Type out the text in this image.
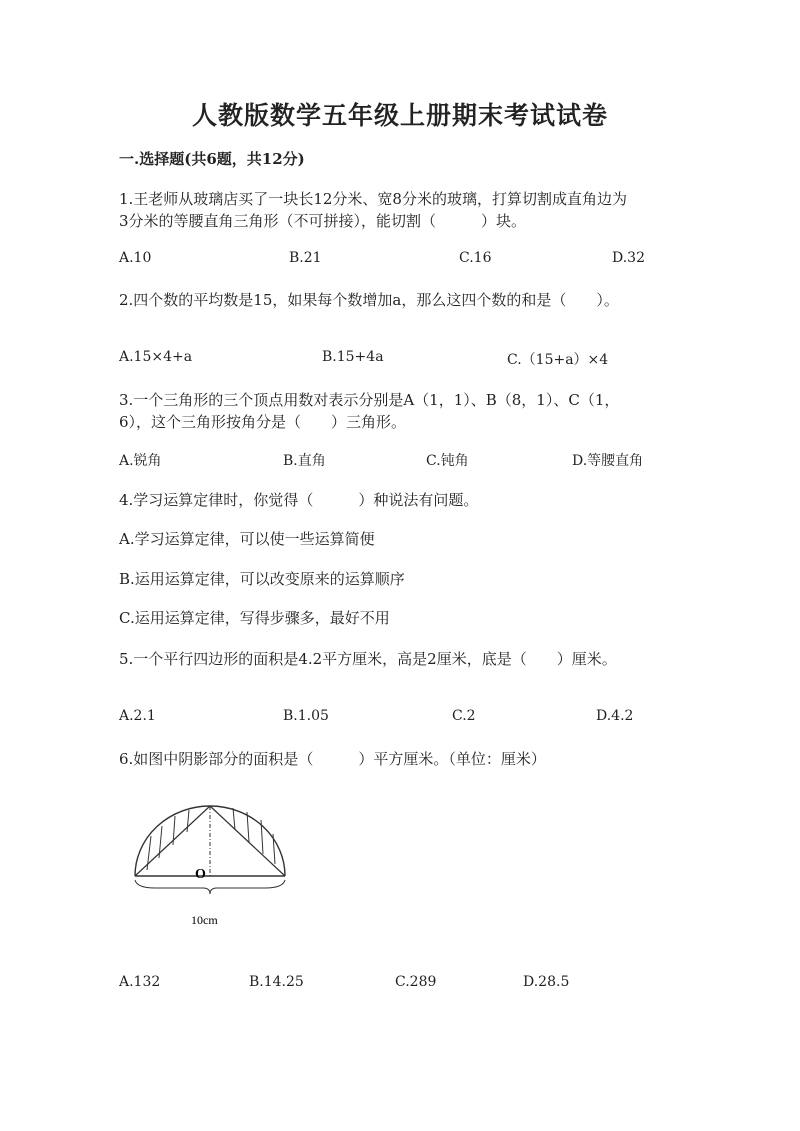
人教版数学五年级上册期末考试试卷
一.选择题(共6题，共12分)
1.王老师从玻璃店买了一块长12分米、宽8分米的玻璃，打算切割成直角边为
3分米的等腰直角三角形（不可拼接），能切割（　　　）块。
A.10	B.21	C.16	D.32
2.四个数的平均数是15，如果每个数增加a，那么这四个数的和是（　　）。
A.15×4+a	B.15+4a	C.（15+a）×4
3.一个三角形的三个顶点用数对表示分别是A（1，1）、B（8，1）、C（1，
6），这个三角形按角分是（　　）三角形。
A.锐角	B.直角	C.钝角	D.等腰直角
4.学习运算定律时，你觉得（　　　）种说法有问题。
A.学习运算定律，可以使一些运算简便
B.运用运算定律，可以改变原来的运算顺序
C.运用运算定律，写得步骤多，最好不用
5.一个平行四边形的面积是4.2平方厘米，高是2厘米，底是（　　）厘米。
A.2.1	B.1.05	C.2	D.4.2
6.如图中阴影部分的面积是（　　　）平方厘米。（单位：厘米）
O
10cm
A.132	B.14.25	C.289	D.28.5
